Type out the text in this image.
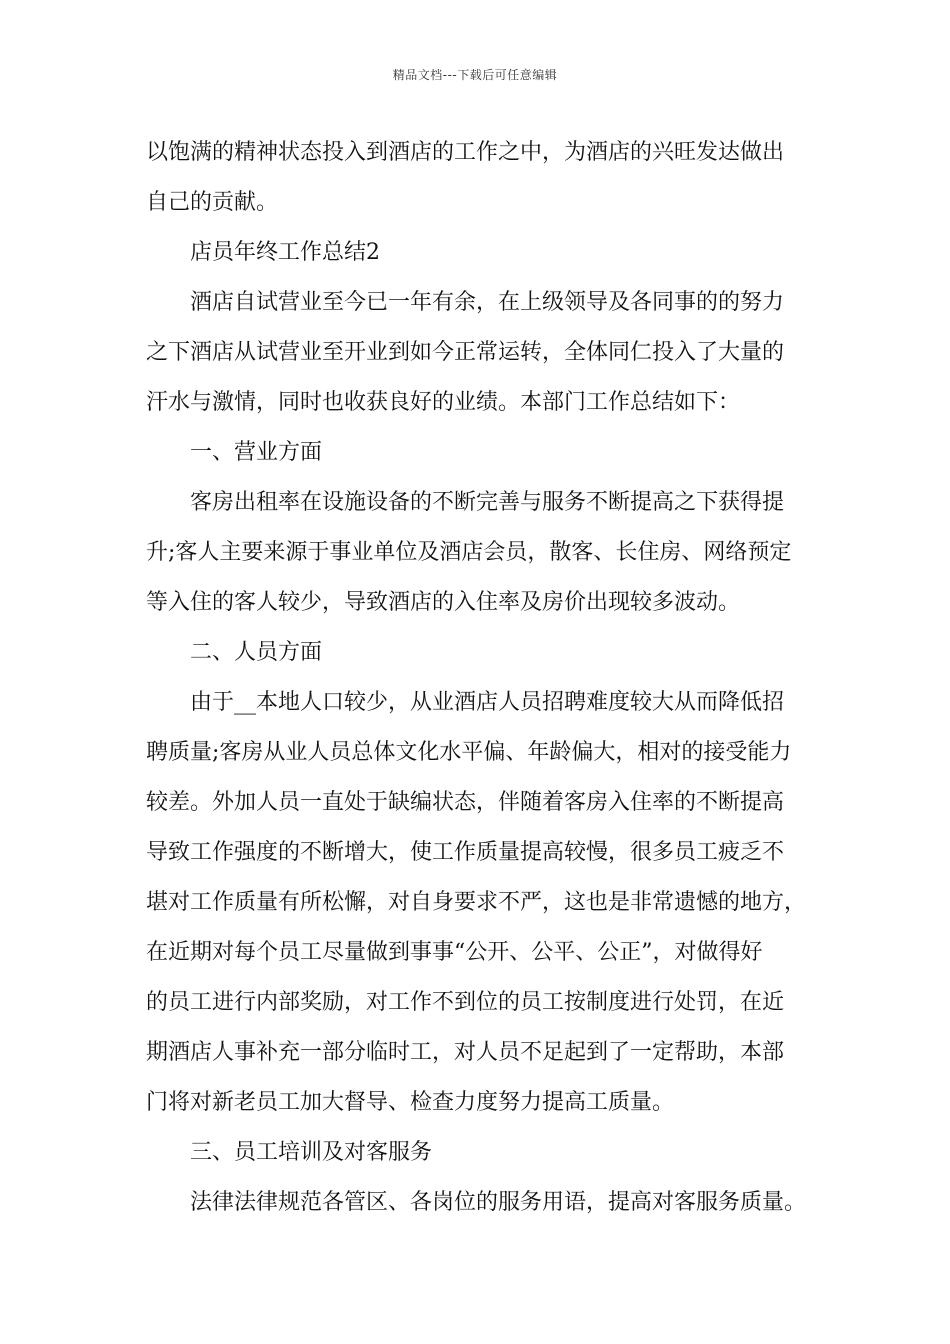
精品文档---下载后可任意编辑
以饱满的精神状态投入到酒店的工作之中，为酒店的兴旺发达做出
自己的贡献。
店员年终工作总结2
酒店自试营业至今已一年有余，在上级领导及各同事的的努力
之下酒店从试营业至开业到如今正常运转，全体同仁投入了大量的
汗水与激情，同时也收获良好的业绩。本部门工作总结如下：
一、营业方面
客房出租率在设施设备的不断完善与服务不断提高之下获得提
升;客人主要来源于事业单位及酒店会员，散客、长住房、网络预定
等入住的客人较少，导致酒店的入住率及房价出现较多波动。
二、人员方面
由于__本地人口较少，从业酒店人员招聘难度较大从而降低招
聘质量;客房从业人员总体文化水平偏、年龄偏大，相对的接受能力
较差。外加人员一直处于缺编状态，伴随着客房入住率的不断提高
导致工作强度的不断增大，使工作质量提高较慢，很多员工疲乏不
堪对工作质量有所松懈，对自身要求不严，这也是非常遗憾的地方，
在近期对每个员工尽量做到事事“公开、公平、公正”，对做得好
的员工进行内部奖励，对工作不到位的员工按制度进行处罚，在近
期酒店人事补充一部分临时工，对人员不足起到了一定帮助，本部
门将对新老员工加大督导、检查力度努力提高工质量。
三、员工培训及对客服务
法律法律规范各管区、各岗位的服务用语，提高对客服务质量。
